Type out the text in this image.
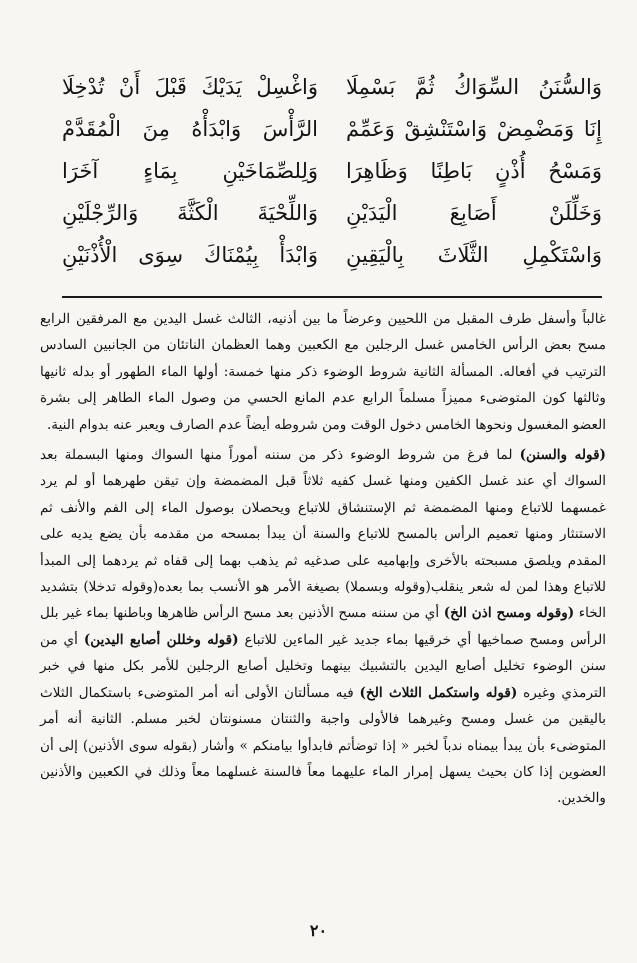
وَالسُّنَنُ السِّوَاكُ ثُمَّ بَسْمِلَا
وَاغْسِلْ يَدَيْكَ قَبْلَ أَنْ تُدْخِلَا
إِنَا وَمَضْمِضْ وَاسْتَنْشِقْ وَعَمِّمْ
الرَّأْسَ وَابْدَأْهُ مِنَ الْمُقَدَّمْ
وَمَسْحُ أُذْنٍ بَاطِنًا وَظَاهِرَا
وَلِلصِّمَاخَيْنِ بِمَاءٍ آخَرَا
وَخَلِّلَنْ أَصَابِعَ الْيَدَيْنِ
وَاللِّحْيَةَ الْكَثَّةَ وَالرِّجْلَيْنِ
وَاسْتَكْمِلِ الثَّلَاثَ بِالْيَقِينِ
وَابْدَأْ بِيُمْنَاكَ سِوَى الْأُذْنَيْنِ

غالباً وأسفل طرف المقبل من اللحيين وعرضاً ما بين أذنيه، الثالث غسل اليدين مع المرفقين الرابع مسح بعض الرأس الخامس غسل الرجلين مع الكعبين وهما العظمان الناتئان من الجانبين السادس الترتيب في أفعاله. المسألة الثانية شروط الوضوء ذكر منها خمسة: أولها الماء الطهور أو بدله ثانيها وثالثها كون المتوضىء مميزاً مسلماً الرابع عدم المانع الحسي من وصول الماء الطاهر إلى بشرة العضو المغسول ونحوها الخامس دخول الوقت ومن شروطه أيضاً عدم الصارف ويعبر عنه بدوام النية.

(قوله والسنن) لما فرغ من شروط الوضوء ذكر من سننه أموراً منها السواك ومنها البسملة بعد السواك أي عند غسل الكفين ومنها غسل كفيه ثلاثاً قبل المضمضة وإن تيقن طهرهما أو لم يرد غمسهما للاتباع ومنها المضمضة ثم الإستنشاق للاتباع ويحصلان بوصول الماء إلى الفم والأنف ثم الاستنثار ومنها تعميم الرأس بالمسح للاتباع والسنة أن يبدأ بمسحه من مقدمه بأن يضع يديه على المقدم ويلصق مسبحته بالأخرى وإبهاميه على صدغيه ثم يذهب بهما إلى قفاه ثم يردهما إلى المبدأ للاتباع وهذا لمن له شعر ينقلب(وقوله وبسملا) بصيغة الأمر هو الأنسب بما بعده(وقوله تدخلا) بتشديد الخاء (وقوله ومسح اذن الخ) أي من سننه مسح الأذنين بعد مسح الرأس ظاهرها وباطنها بماء غير بلل الرأس ومسح صماخيها أي خرقيها بماء جديد غير الماءين للاتباع (قوله وخللن أصابع اليدين) أي من سنن الوضوء تخليل أصابع اليدين بالتشبيك بينهما وتخليل أصابع الرجلين للأمر بكل منها في خبر الترمذي وغيره (قوله واستكمل الثلاث الخ) فيه مسألتان الأولى أنه أمر المتوضىء باستكمال الثلاث باليقين من غسل ومسح وغيرهما فالأولى واجبة والثنتان مسنونتان لخبر مسلم. الثانية أنه أمر المتوضىء بأن يبدأ بيمناه ندباً لخبر « إذا توضأتم فابدأوا بيامنكم » وأشار (بقوله سوى الأذنين) إلى أن العضوين إذا كان بحيث يسهل إمرار الماء عليهما معاً فالسنة غسلهما معاً وذلك في الكعبين والأذنين والخدين.

٢٠
